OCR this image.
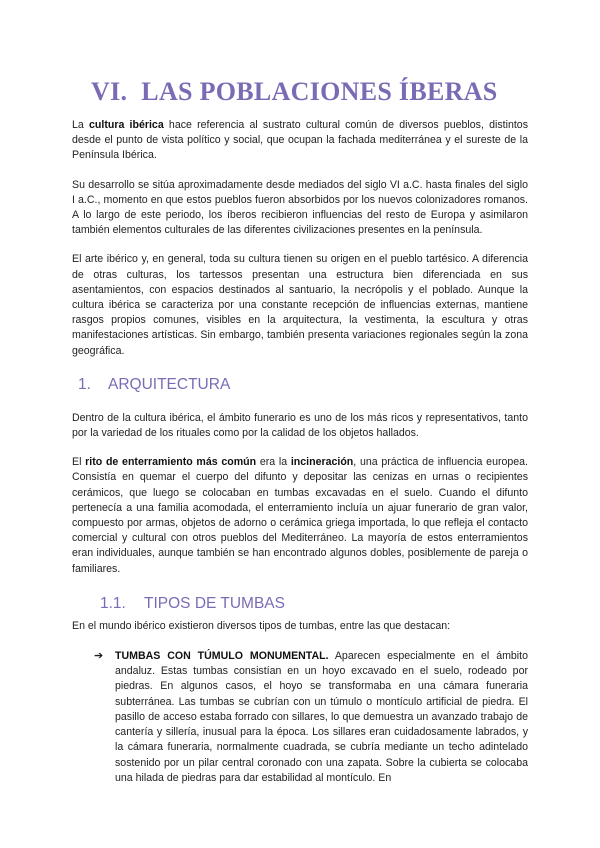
VI. LAS POBLACIONES ÍBERAS

La cultura ibérica hace referencia al sustrato cultural común de diversos pueblos, distintos desde el punto de vista político y social, que ocupan la fachada mediterránea y el sureste de la Península Ibérica.

Su desarrollo se sitúa aproximadamente desde mediados del siglo VI a.C. hasta finales del siglo I a.C., momento en que estos pueblos fueron absorbidos por los nuevos colonizadores romanos. A lo largo de este periodo, los íberos recibieron influencias del resto de Europa y asimilaron también elementos culturales de las diferentes civilizaciones presentes en la península.

El arte ibérico y, en general, toda su cultura tienen su origen en el pueblo tartésico. A diferencia de otras culturas, los tartessos presentan una estructura bien diferenciada en sus asentamientos, con espacios destinados al santuario, la necrópolis y el poblado. Aunque la cultura ibérica se caracteriza por una constante recepción de influencias externas, mantiene rasgos propios comunes, visibles en la arquitectura, la vestimenta, la escultura y otras manifestaciones artísticas. Sin embargo, también presenta variaciones regionales según la zona geográfica.

1. ARQUITECTURA

Dentro de la cultura ibérica, el ámbito funerario es uno de los más ricos y representativos, tanto por la variedad de los rituales como por la calidad de los objetos hallados.

El rito de enterramiento más común era la incineración, una práctica de influencia europea. Consistía en quemar el cuerpo del difunto y depositar las cenizas en urnas o recipientes cerámicos, que luego se colocaban en tumbas excavadas en el suelo. Cuando el difunto pertenecía a una familia acomodada, el enterramiento incluía un ajuar funerario de gran valor, compuesto por armas, objetos de adorno o cerámica griega importada, lo que refleja el contacto comercial y cultural con otros pueblos del Mediterráneo. La mayoría de estos enterramientos eran individuales, aunque también se han encontrado algunos dobles, posiblemente de pareja o familiares.

1.1. TIPOS DE TUMBAS

En el mundo ibérico existieron diversos tipos de tumbas, entre las que destacan:

➔ TUMBAS CON TÚMULO MONUMENTAL. Aparecen especialmente en el ámbito andaluz. Estas tumbas consistían en un hoyo excavado en el suelo, rodeado por piedras. En algunos casos, el hoyo se transformaba en una cámara funeraria subterránea. Las tumbas se cubrían con un túmulo o montículo artificial de piedra. El pasillo de acceso estaba forrado con sillares, lo que demuestra un avanzado trabajo de cantería y sillería, inusual para la época. Los sillares eran cuidadosamente labrados, y la cámara funeraria, normalmente cuadrada, se cubría mediante un techo adintelado sostenido por un pilar central coronado con una zapata. Sobre la cubierta se colocaba una hilada de piedras para dar estabilidad al montículo. En
